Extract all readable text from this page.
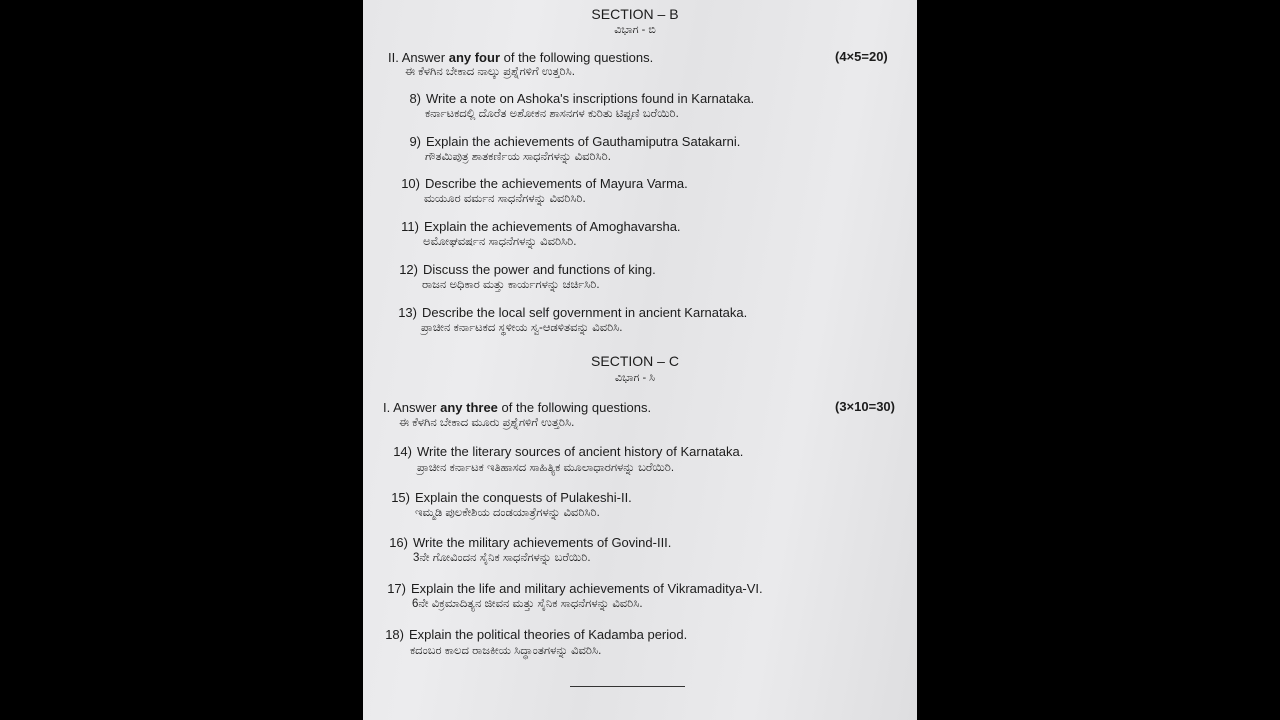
SECTION – B
ವಿಭಾಗ - ಬಿ
II. Answer any four of the following questions.	(4×5=20)
ಈ ಕೆಳಗಿನ ಬೇಕಾದ ನಾಲ್ಕು ಪ್ರಶ್ನೆಗಳಿಗೆ ಉತ್ತರಿಸಿ.
8) Write a note on Ashoka's inscriptions found in Karnataka.
ಕರ್ನಾಟಕದಲ್ಲಿ ದೊರೆತ ಅಶೋಕನ ಶಾಸನಗಳ ಕುರಿತು ಟಿಪ್ಪಣಿ ಬರೆಯಿರಿ.
9) Explain the achievements of Gauthamiputra Satakarni.
ಗೌತಮಿಪುತ್ರ ಶಾತಕರ್ಣಿಯ ಸಾಧನೆಗಳನ್ನು ವಿವರಿಸಿರಿ.
10) Describe the achievements of Mayura Varma.
ಮಯೂರ ವರ್ಮನ ಸಾಧನೆಗಳನ್ನು ವಿವರಿಸಿರಿ.
11) Explain the achievements of Amoghavarsha.
ಅಮೋಘವರ್ಷನ ಸಾಧನೆಗಳನ್ನು ವಿವರಿಸಿರಿ.
12) Discuss the power and functions of king.
ರಾಜನ ಅಧಿಕಾರ ಮತ್ತು ಕಾರ್ಯಗಳನ್ನು ಚರ್ಚಿಸಿರಿ.
13) Describe the local self government in ancient Karnataka.
ಪ್ರಾಚೀನ ಕರ್ನಾಟಕದ ಸ್ಥಳೀಯ ಸ್ವ-ಆಡಳಿತವನ್ನು ವಿವರಿಸಿ.
SECTION – C
ವಿಭಾಗ - ಸಿ
I. Answer any three of the following questions.	(3×10=30)
ಈ ಕೆಳಗಿನ ಬೇಕಾದ ಮೂರು ಪ್ರಶ್ನೆಗಳಿಗೆ ಉತ್ತರಿಸಿ.
14) Write the literary sources of ancient history of Karnataka.
ಪ್ರಾಚೀನ ಕರ್ನಾಟಕ ಇತಿಹಾಸದ ಸಾಹಿತ್ಯಿಕ ಮೂಲಾಧಾರಗಳನ್ನು ಬರೆಯಿರಿ.
15) Explain the conquests of Pulakeshi-II.
ಇಮ್ಮಡಿ ಪುಲಕೇಶಿಯ ದಂಡಯಾತ್ರೆಗಳನ್ನು ವಿವರಿಸಿರಿ.
16) Write the military achievements of Govind-III.
3ನೇ ಗೋವಿಂದನ ಸೈನಿಕ ಸಾಧನೆಗಳನ್ನು ಬರೆಯಿರಿ.
17) Explain the life and military achievements of Vikramaditya-VI.
6ನೇ ವಿಕ್ರಮಾದಿತ್ಯನ ಜೀವನ ಮತ್ತು ಸೈನಿಕ ಸಾಧನೆಗಳನ್ನು ವಿವರಿಸಿ.
18) Explain the political theories of Kadamba period.
ಕದಂಬರ ಕಾಲದ ರಾಜಕೀಯ ಸಿದ್ಧಾಂತಗಳನ್ನು ವಿವರಿಸಿ.
